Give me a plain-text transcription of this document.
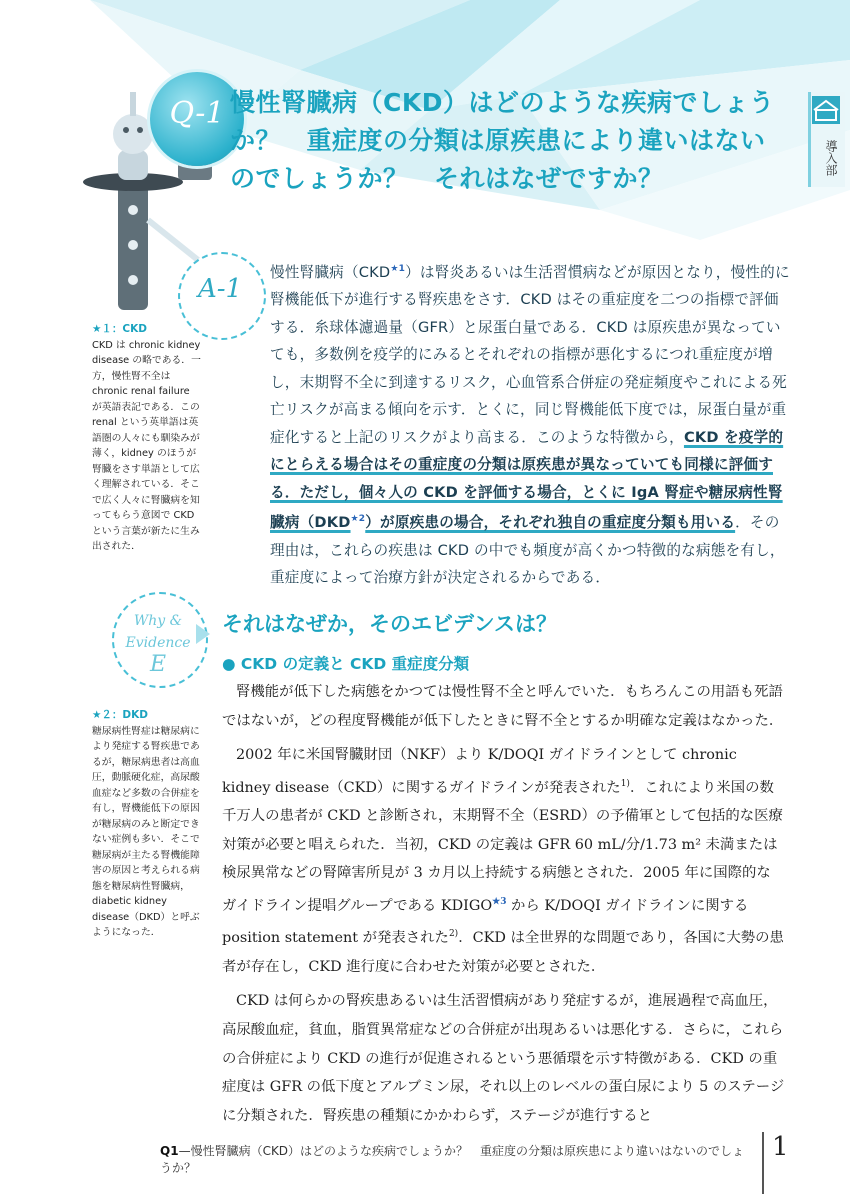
Q-1 慢性腎臓病（CKD）はどのような疾病でしょうか？　重症度の分類は原疾患により違いはないのでしょうか？　それはなぜですか？
導入部
A-1
慢性腎臓病$(CKD^{★1})$は腎炎あるいは生活習慣病などが原因となり，慢性的に腎機能低下が進行する腎疾患をさす．CKD はその重症度を二つの指標で評価する．糸球体濾過量（GFR）と尿蛋白量である．CKD は原疾患が異なっていても，多数例を疫学的にみるとそれぞれの指標が悪化するにつれ重症度が増し，末期腎不全に到達するリスク，心血管系合併症の発症頻度やこれによる死亡リスクが高まる傾向を示す．とくに，同じ腎機能低下度では，尿蛋白量が重症化すると上記のリスクがより高まる．このような特徴から，CKD を疫学的にとらえる場合はその重症度の分類は原疾患が異なっていても同様に評価する．ただし，個々人の CKD を評価する場合，とくに IgA 腎症や糖尿病性腎臓病$(DKD^{★2})$が原疾患の場合，それぞれ独自の重症度分類も用いる．その理由は，これらの疾患は CKD の中でも頻度が高くかつ特徴的な病態を有し，重症度によって治療方針が決定されるからである．
★１：CKD
CKD は chronic kidney disease の略である．一方，慢性腎不全は chronic renal failure が英語表記である．この renal という英単語は英語圏の人々にも馴染みが薄く，kidney のほうが腎臓をさす単語として広く理解されている．そこで広く人々に腎臓病を知ってもらう意図で CKD という言葉が新たに生み出された．
Why &
Evidence
E
それはなぜか，そのエビデンスは？
● CKD の定義と CKD 重症度分類
★２：DKD
糖尿病性腎症は糖尿病により発症する腎疾患であるが，糖尿病患者は高血圧，動脈硬化症，高尿酸血症など多数の合併症を有し，腎機能低下の原因が糖尿病のみと断定できない症例も多い．そこで糖尿病が主たる腎機能障害の原因と考えられる病態を糖尿病性腎臓病，diabetic kidney disease（DKD）と呼ぶようになった．

腎機能が低下した病態をかつては慢性腎不全と呼んでいた．もちろんこの用語も死語ではないが，どの程度腎機能が低下したときに腎不全とするか明確な定義はなかった．

2002 年に米国腎臓財団（NKF）より K/DOQI ガイドラインとして chronic kidney disease（CKD）に関するガイドラインが発表された$^{1)}$．これにより米国の数千万人の患者が CKD と診断され，末期腎不全（ESRD）の予備軍として包括的な医療対策が必要と唱えられた．当初，CKD の定義は GFR 60 mL/分/1.73 m² 未満または検尿異常などの腎障害所見が 3 カ月以上持続する病態とされた．2005 年に国際的なガイドライン提唱グループである $KDIGO^{★3}$ から K/DOQI ガイドラインに関する position statement が発表された$^{2)}$．CKD は全世界的な問題であり，各国に大勢の患者が存在し，CKD 進行度に合わせた対策が必要とされた．

CKD は何らかの腎疾患あるいは生活習慣病があり発症するが，進展過程で高血圧，高尿酸血症，貧血，脂質異常症などの合併症が出現あるいは悪化する．さらに，これらの合併症により CKD の進行が促進されるという悪循環を示す特徴がある．CKD の重症度は GFR の低下度とアルブミン尿，それ以上のレベルの蛋白尿により 5 のステージに分類された．腎疾患の種類にかかわらず，ステージが進行すると

Q1—慢性腎臓病（CKD）はどのような疾病でしょうか？　重症度の分類は原疾患により違いはないのでしょうか？
1
